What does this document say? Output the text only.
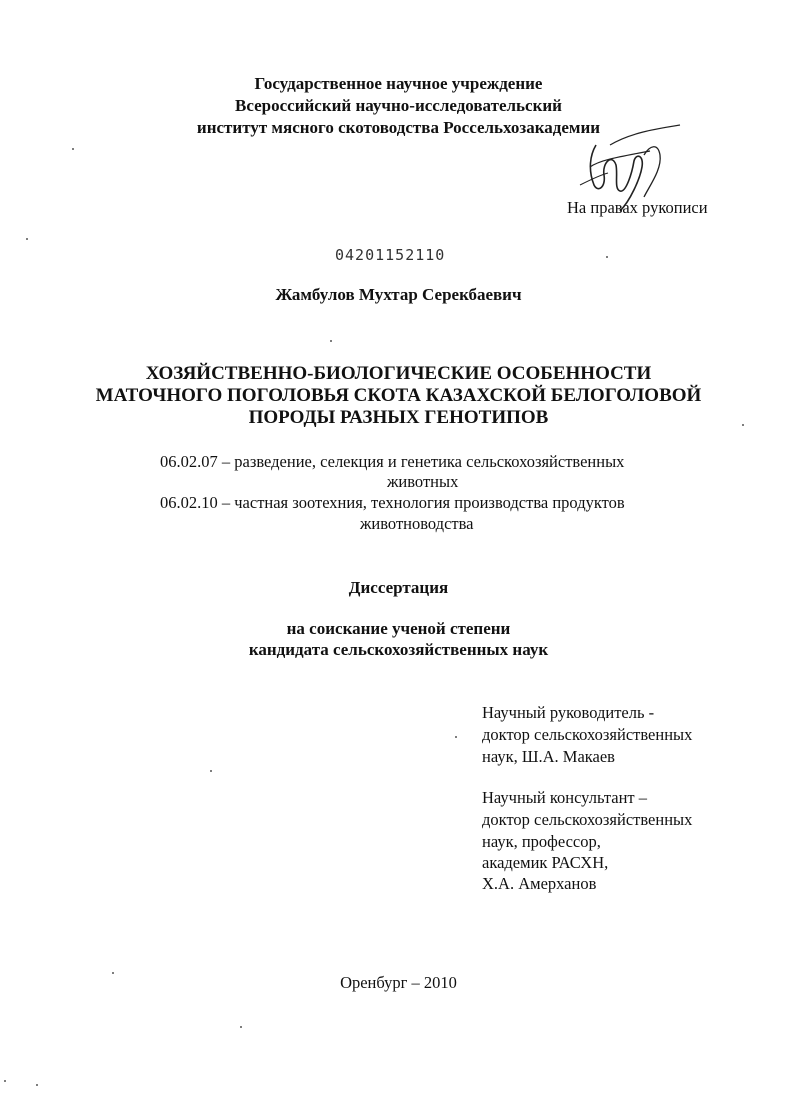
Государственное научное учреждение
Всероссийский научно-исследовательский
институт мясного скотоводства Россельхозакадемии
На правах рукописи
04201152110
Жамбулов Мухтар Серекбаевич
ХОЗЯЙСТВЕННО-БИОЛОГИЧЕСКИЕ ОСОБЕННОСТИ
МАТОЧНОГО ПОГОЛОВЬЯ СКОТА КАЗАХСКОЙ БЕЛОГОЛОВОЙ
ПОРОДЫ РАЗНЫХ ГЕНОТИПОВ
06.02.07 – разведение, селекция и генетика сельскохозяйственных
животных
06.02.10 – частная зоотехния, технология производства продуктов
животноводства
Диссертация
на соискание ученой степени
кандидата сельскохозяйственных наук
Научный руководитель -
доктор сельскохозяйственных
наук, Ш.А. Макаев
Научный консультант –
доктор сельскохозяйственных
наук, профессор,
академик РАСХН,
Х.А. Амерханов
Оренбург – 2010
